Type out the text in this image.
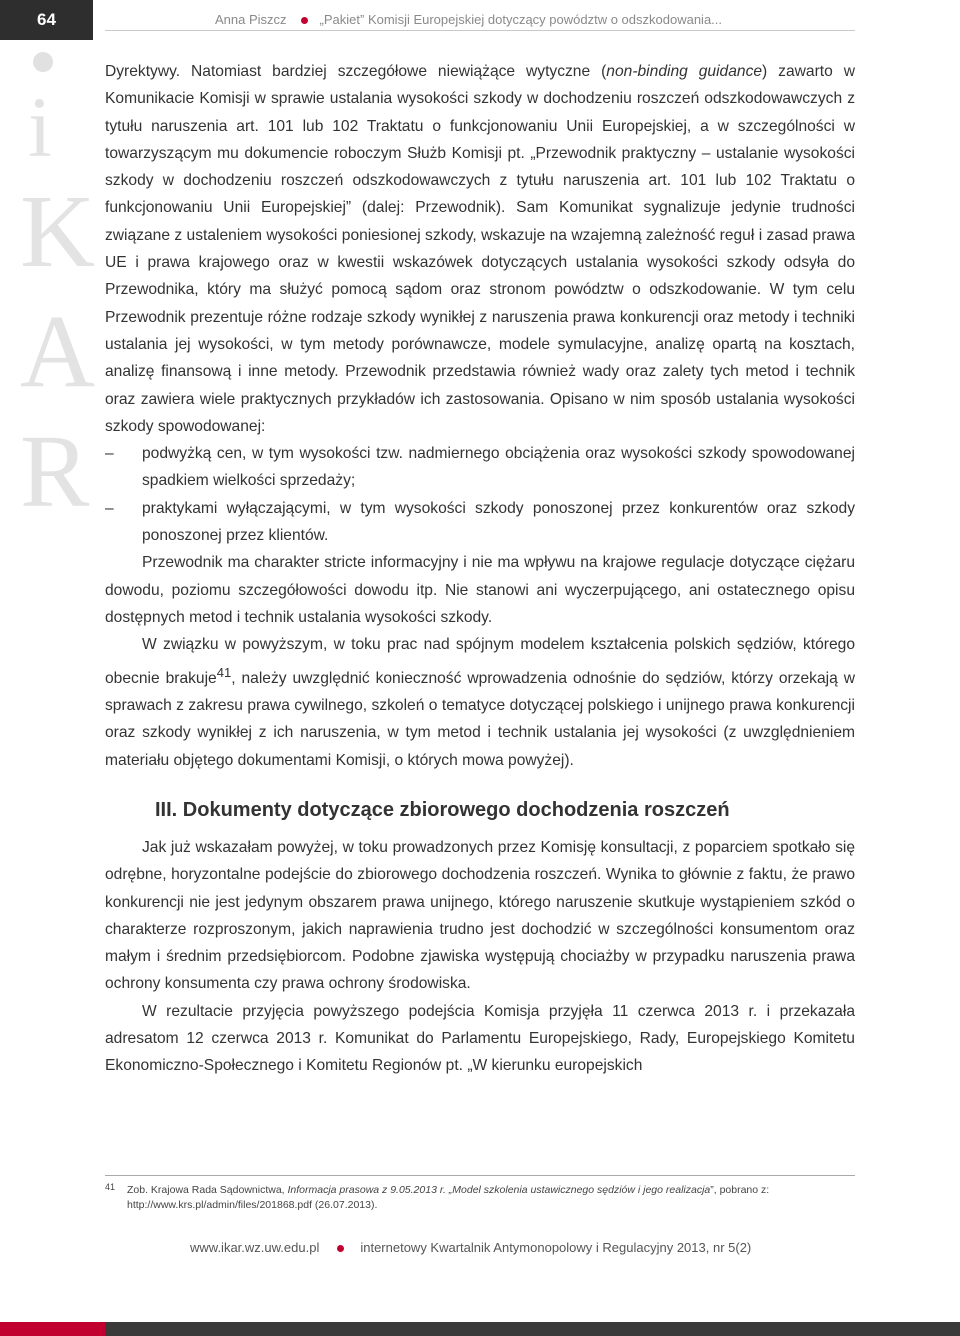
64	Anna Piszcz	„Pakiet” Komisji Europejskiej dotyczący powództw o odszkodowania...
i
K
A
R

Dyrektywy. Natomiast bardziej szczegółowe niewiążące wytyczne (non-binding guidance) zawarto w Komunikacie Komisji w sprawie ustalania wysokości szkody w dochodzeniu roszczeń odszkodowawczych z tytułu naruszenia art. 101 lub 102 Traktatu o funkcjonowaniu Unii Europejskiej, a w szczególności w towarzyszącym mu dokumencie roboczym Służb Komisji pt. „Przewodnik praktyczny – ustalanie wysokości szkody w dochodzeniu roszczeń odszkodowawczych z tytułu naruszenia art. 101 lub 102 Traktatu o funkcjonowaniu Unii Europejskiej” (dalej: Przewodnik). Sam Komunikat sygnalizuje jedynie trudności związane z ustaleniem wysokości poniesionej szkody, wskazuje na wzajemną zależność reguł i zasad prawa UE i prawa krajowego oraz w kwestii wskazówek dotyczących ustalania wysokości szkody odsyła do Przewodnika, który ma służyć pomocą sądom oraz stronom powództw o odszkodowanie. W tym celu Przewodnik prezentuje różne rodzaje szkody wynikłej z naruszenia prawa konkurencji oraz metody i techniki ustalania jej wysokości, w tym metody porównawcze, modele symulacyjne, analizę opartą na kosztach, analizę finansową i inne metody. Przewodnik przedstawia również wady oraz zalety tych metod i technik oraz zawiera wiele praktycznych przykładów ich zastosowania. Opisano w nim sposób ustalania wysokości szkody spowodowanej:

– podwyżką cen, w tym wysokości tzw. nadmiernego obciążenia oraz wysokości szkody spowodowanej spadkiem wielkości sprzedaży;

– praktykami wyłączającymi, w tym wysokości szkody ponoszonej przez konkurentów oraz szkody ponoszonej przez klientów.

Przewodnik ma charakter stricte informacyjny i nie ma wpływu na krajowe regulacje dotyczące ciężaru dowodu, poziomu szczegółowości dowodu itp. Nie stanowi ani wyczerpującego, ani ostatecznego opisu dostępnych metod i technik ustalania wysokości szkody.

W związku w powyższym, w toku prac nad spójnym modelem kształcenia polskich sędziów, którego obecnie brakuje$^{41}$, należy uwzględnić konieczność wprowadzenia odnośnie do sędziów, którzy orzekają w sprawach z zakresu prawa cywilnego, szkoleń o tematyce dotyczącej polskiego i unijnego prawa konkurencji oraz szkody wynikłej z ich naruszenia, w tym metod i technik ustalania jej wysokości (z uwzględnieniem materiału objętego dokumentami Komisji, o których mowa powyżej).

III. Dokumenty dotyczące zbiorowego dochodzenia roszczeń

Jak już wskazałam powyżej, w toku prowadzonych przez Komisję konsultacji, z poparciem spotkało się odrębne, horyzontalne podejście do zbiorowego dochodzenia roszczeń. Wynika to głównie z faktu, że prawo konkurencji nie jest jedynym obszarem prawa unijnego, którego naruszenie skutkuje wystąpieniem szkód o charakterze rozproszonym, jakich naprawienia trudno jest dochodzić w szczególności konsumentom oraz małym i średnim przedsiębiorcom. Podobne zjawiska występują chociażby w przypadku naruszenia prawa ochrony konsumenta czy prawa ochrony środowiska.

W rezultacie przyjęcia powyższego podejścia Komisja przyjęła 11 czerwca 2013 r. i przekazała adresatom 12 czerwca 2013 r. Komunikat do Parlamentu Europejskiego, Rady, Europejskiego Komitetu Ekonomiczno-Społecznego i Komitetu Regionów pt. „W kierunku europejskich

41	Zob. Krajowa Rada Sądownictwa, Informacja prasowa z 9.05.2013 r. „Model szkolenia ustawicznego sędziów i jego realizacja”, pobrano z: http://www.krs.pl/admin/files/201868.pdf (26.07.2013).
www.ikar.wz.uw.edu.pl	internetowy Kwartalnik Antymonopolowy i Regulacyjny 2013, nr 5(2)
